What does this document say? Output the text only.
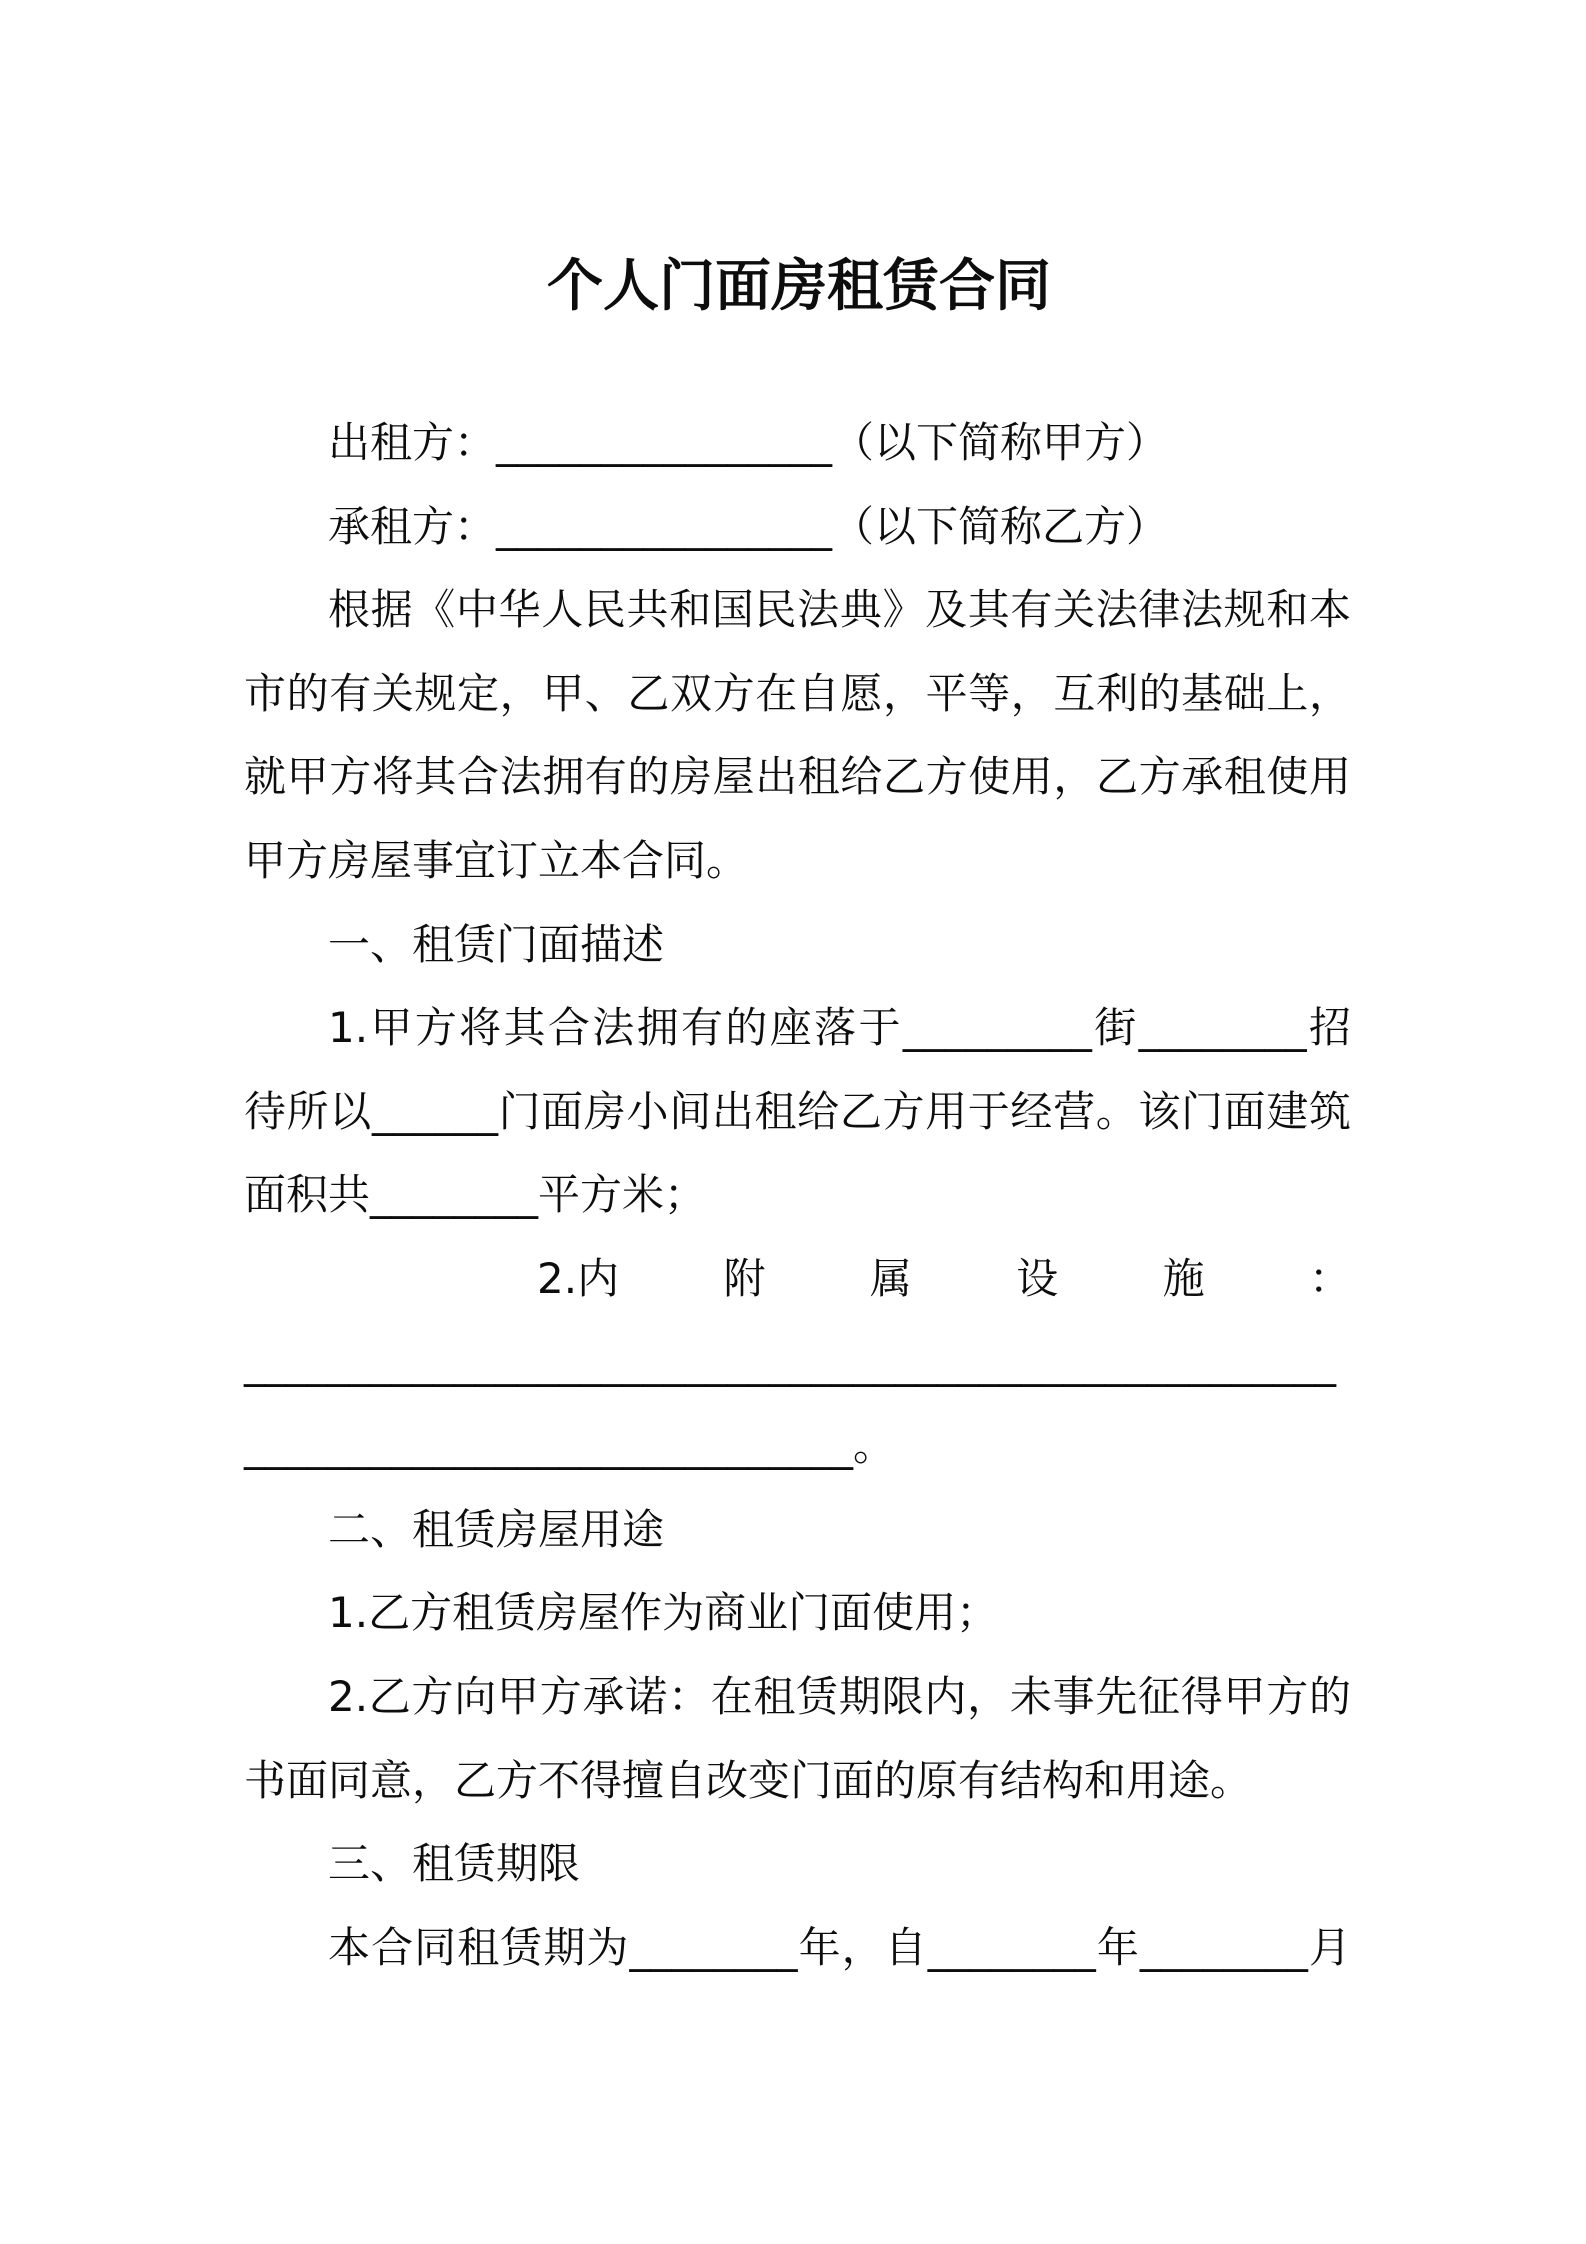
个人门面房租赁合同
出租方：________________（以下简称甲方）
承租方：________________（以下简称乙方）
根据《中华人民共和国民法典》及其有关法律法规和本
市的有关规定，甲、乙双方在自愿，平等，互利的基础上，
就甲方将其合法拥有的房屋出租给乙方使用，乙方承租使用
甲方房屋事宜订立本合同。
一、租赁门面描述
1.甲方将其合法拥有的座落于_________街________招
待所以______门面房小间出租给乙方用于经营。该门面建筑
面积共________平方米；
2.内 附 属 设 施 ：
____________________________________________________
_____________________________。
二、租赁房屋用途
1.乙方租赁房屋作为商业门面使用；
2.乙方向甲方承诺：在租赁期限内，未事先征得甲方的
书面同意，乙方不得擅自改变门面的原有结构和用途。
三、租赁期限
本合同租赁期为________年，自________年________月
